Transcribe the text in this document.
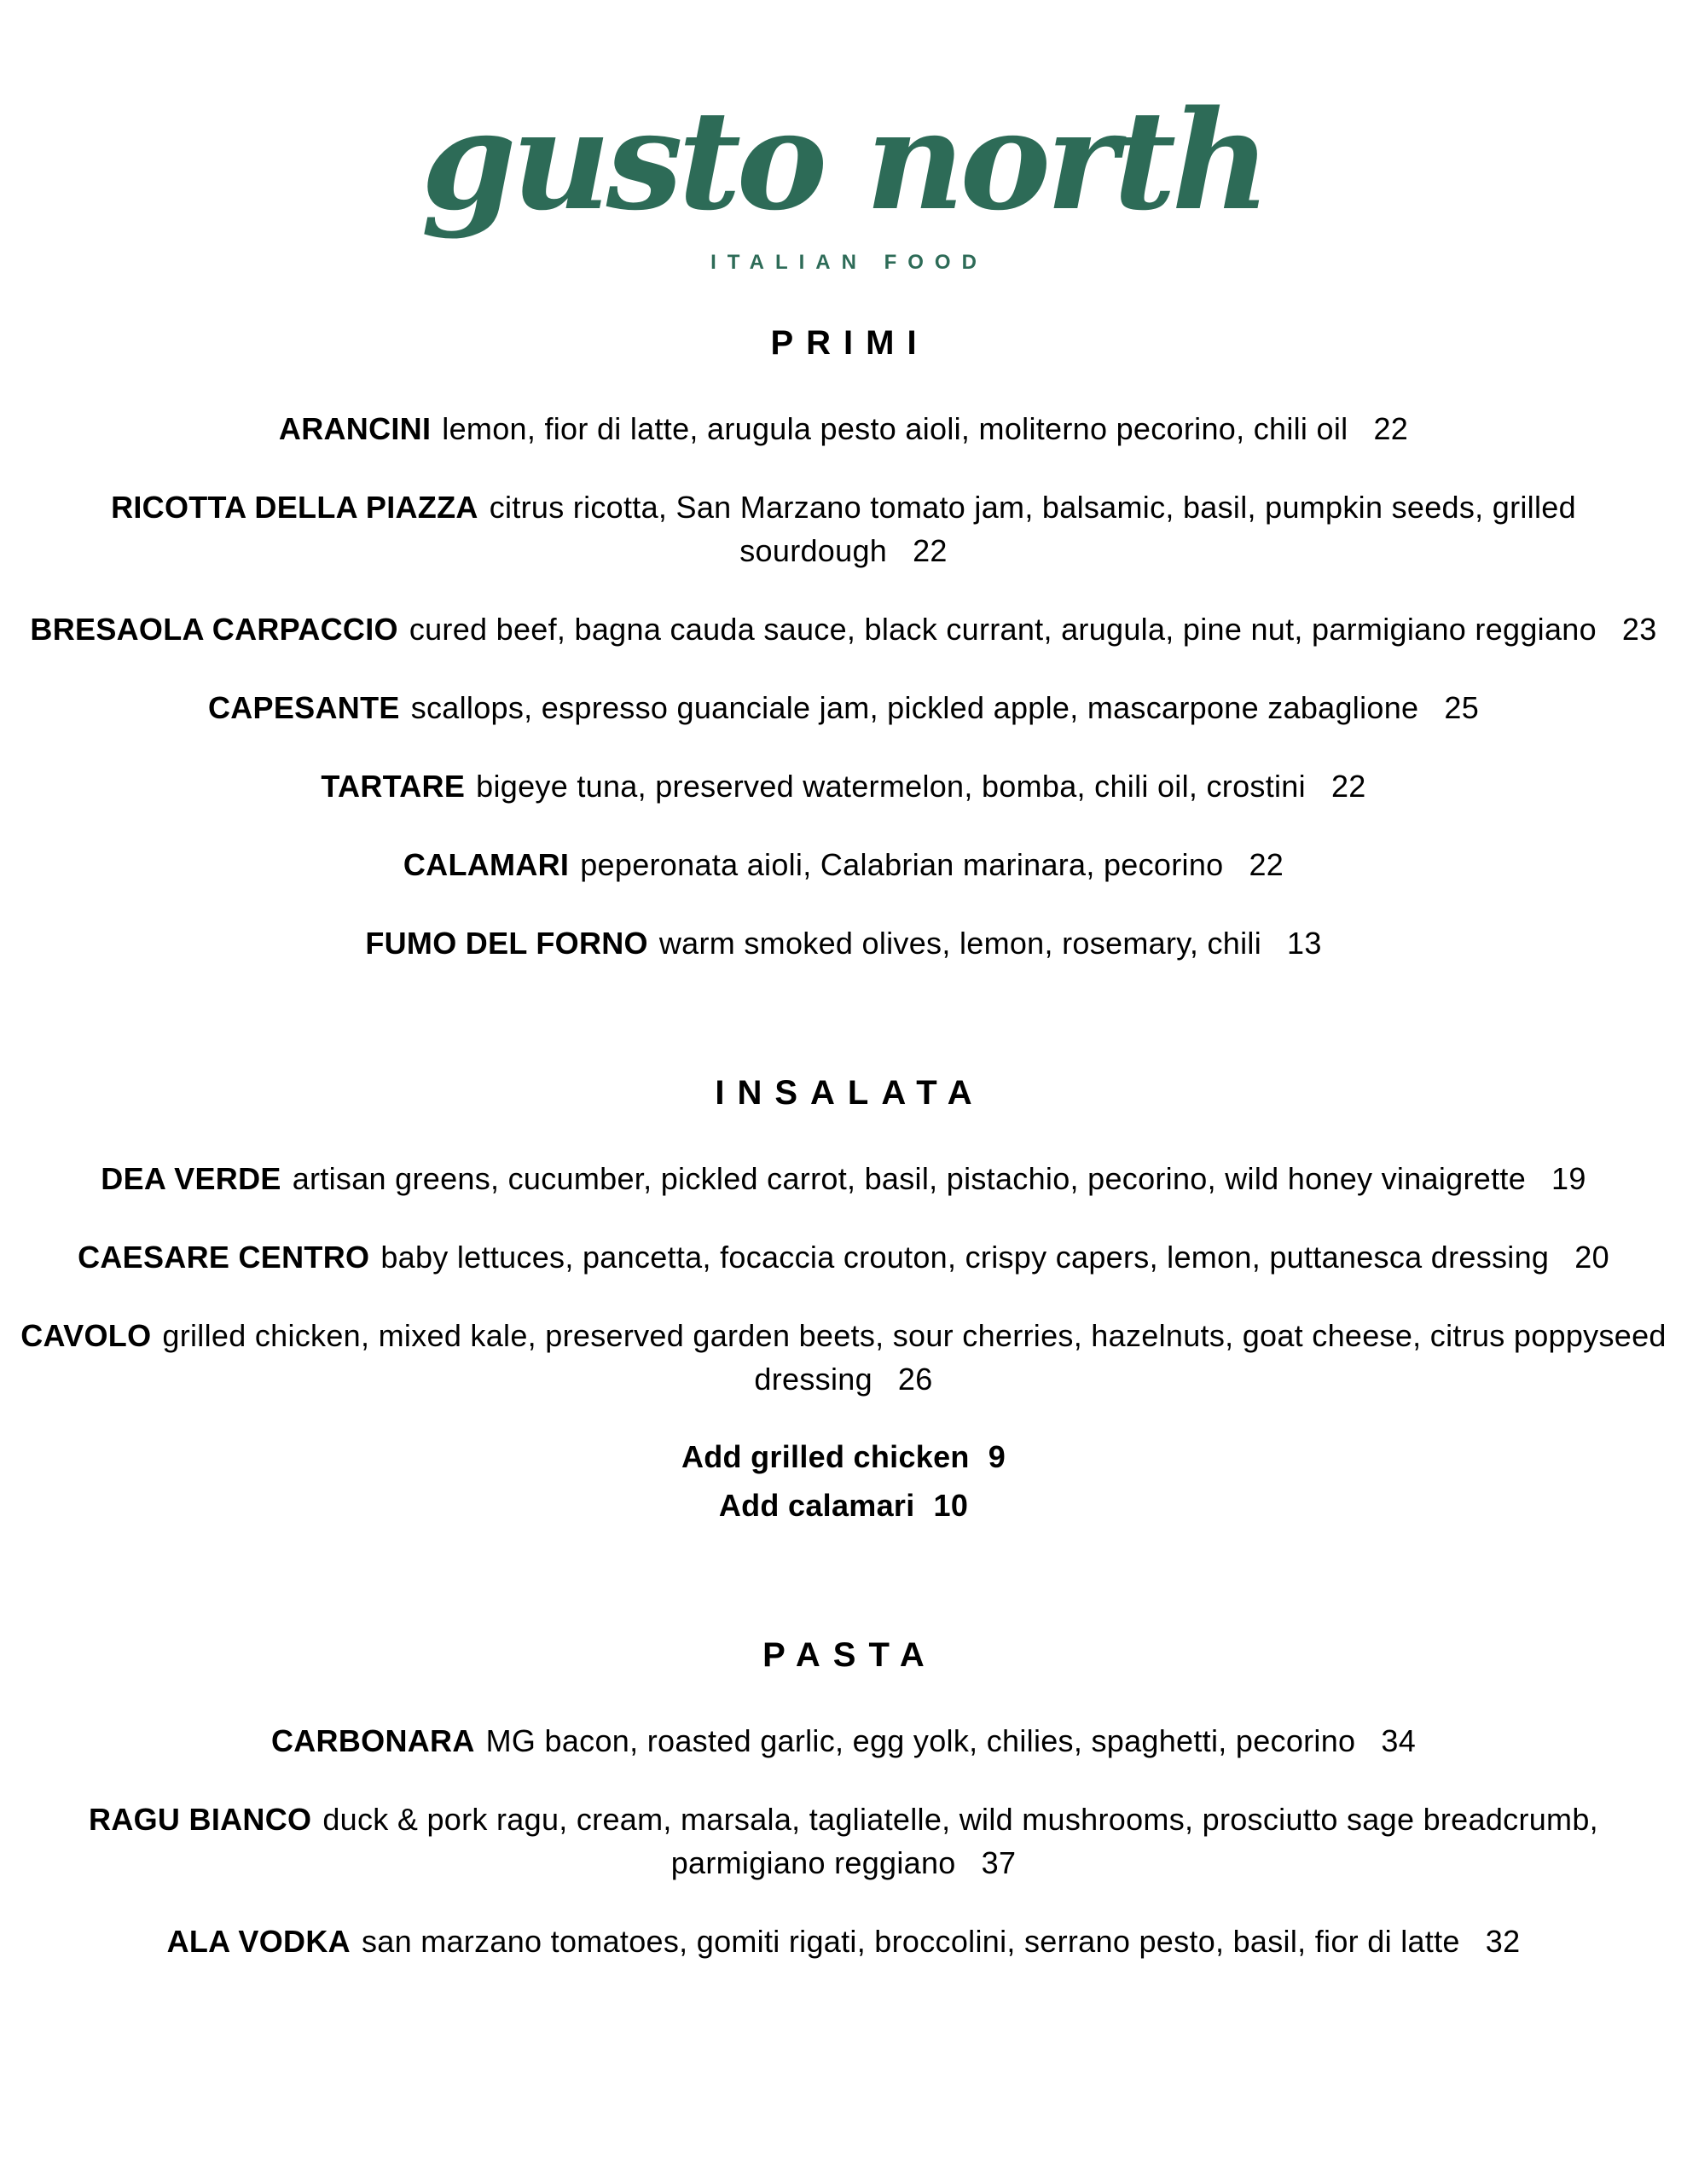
gusto north
ITALIAN FOOD
PRIMI

ARANCINI lemon, fior di latte, arugula pesto aioli, moliterno pecorino, chili oil 22

RICOTTA DELLA PIAZZA citrus ricotta, San Marzano tomato jam, balsamic, basil, pumpkin seeds, grilled sourdough 22

BRESAOLA CARPACCIO cured beef, bagna cauda sauce, black currant, arugula, pine nut, parmigiano reggiano 23

CAPESANTE scallops, espresso guanciale jam, pickled apple, mascarpone zabaglione 25

TARTARE bigeye tuna, preserved watermelon, bomba, chili oil, crostini 22

CALAMARI peperonata aioli, Calabrian marinara, pecorino 22

FUMO DEL FORNO warm smoked olives, lemon, rosemary, chili 13

INSALATA

DEA VERDE artisan greens, cucumber, pickled carrot, basil, pistachio, pecorino, wild honey vinaigrette 19

CAESARE CENTRO baby lettuces, pancetta, focaccia crouton, crispy capers, lemon, puttanesca dressing 20

CAVOLO grilled chicken, mixed kale, preserved garden beets, sour cherries, hazelnuts, goat cheese, citrus poppyseed dressing 26

Add grilled chicken 9
Add calamari 10
PASTA

CARBONARA MG bacon, roasted garlic, egg yolk, chilies, spaghetti, pecorino 34

RAGU BIANCO duck & pork ragu, cream, marsala, tagliatelle, wild mushrooms, prosciutto sage breadcrumb, parmigiano reggiano 37

ALA VODKA san marzano tomatoes, gomiti rigati, broccolini, serrano pesto, basil, fior di latte 32
